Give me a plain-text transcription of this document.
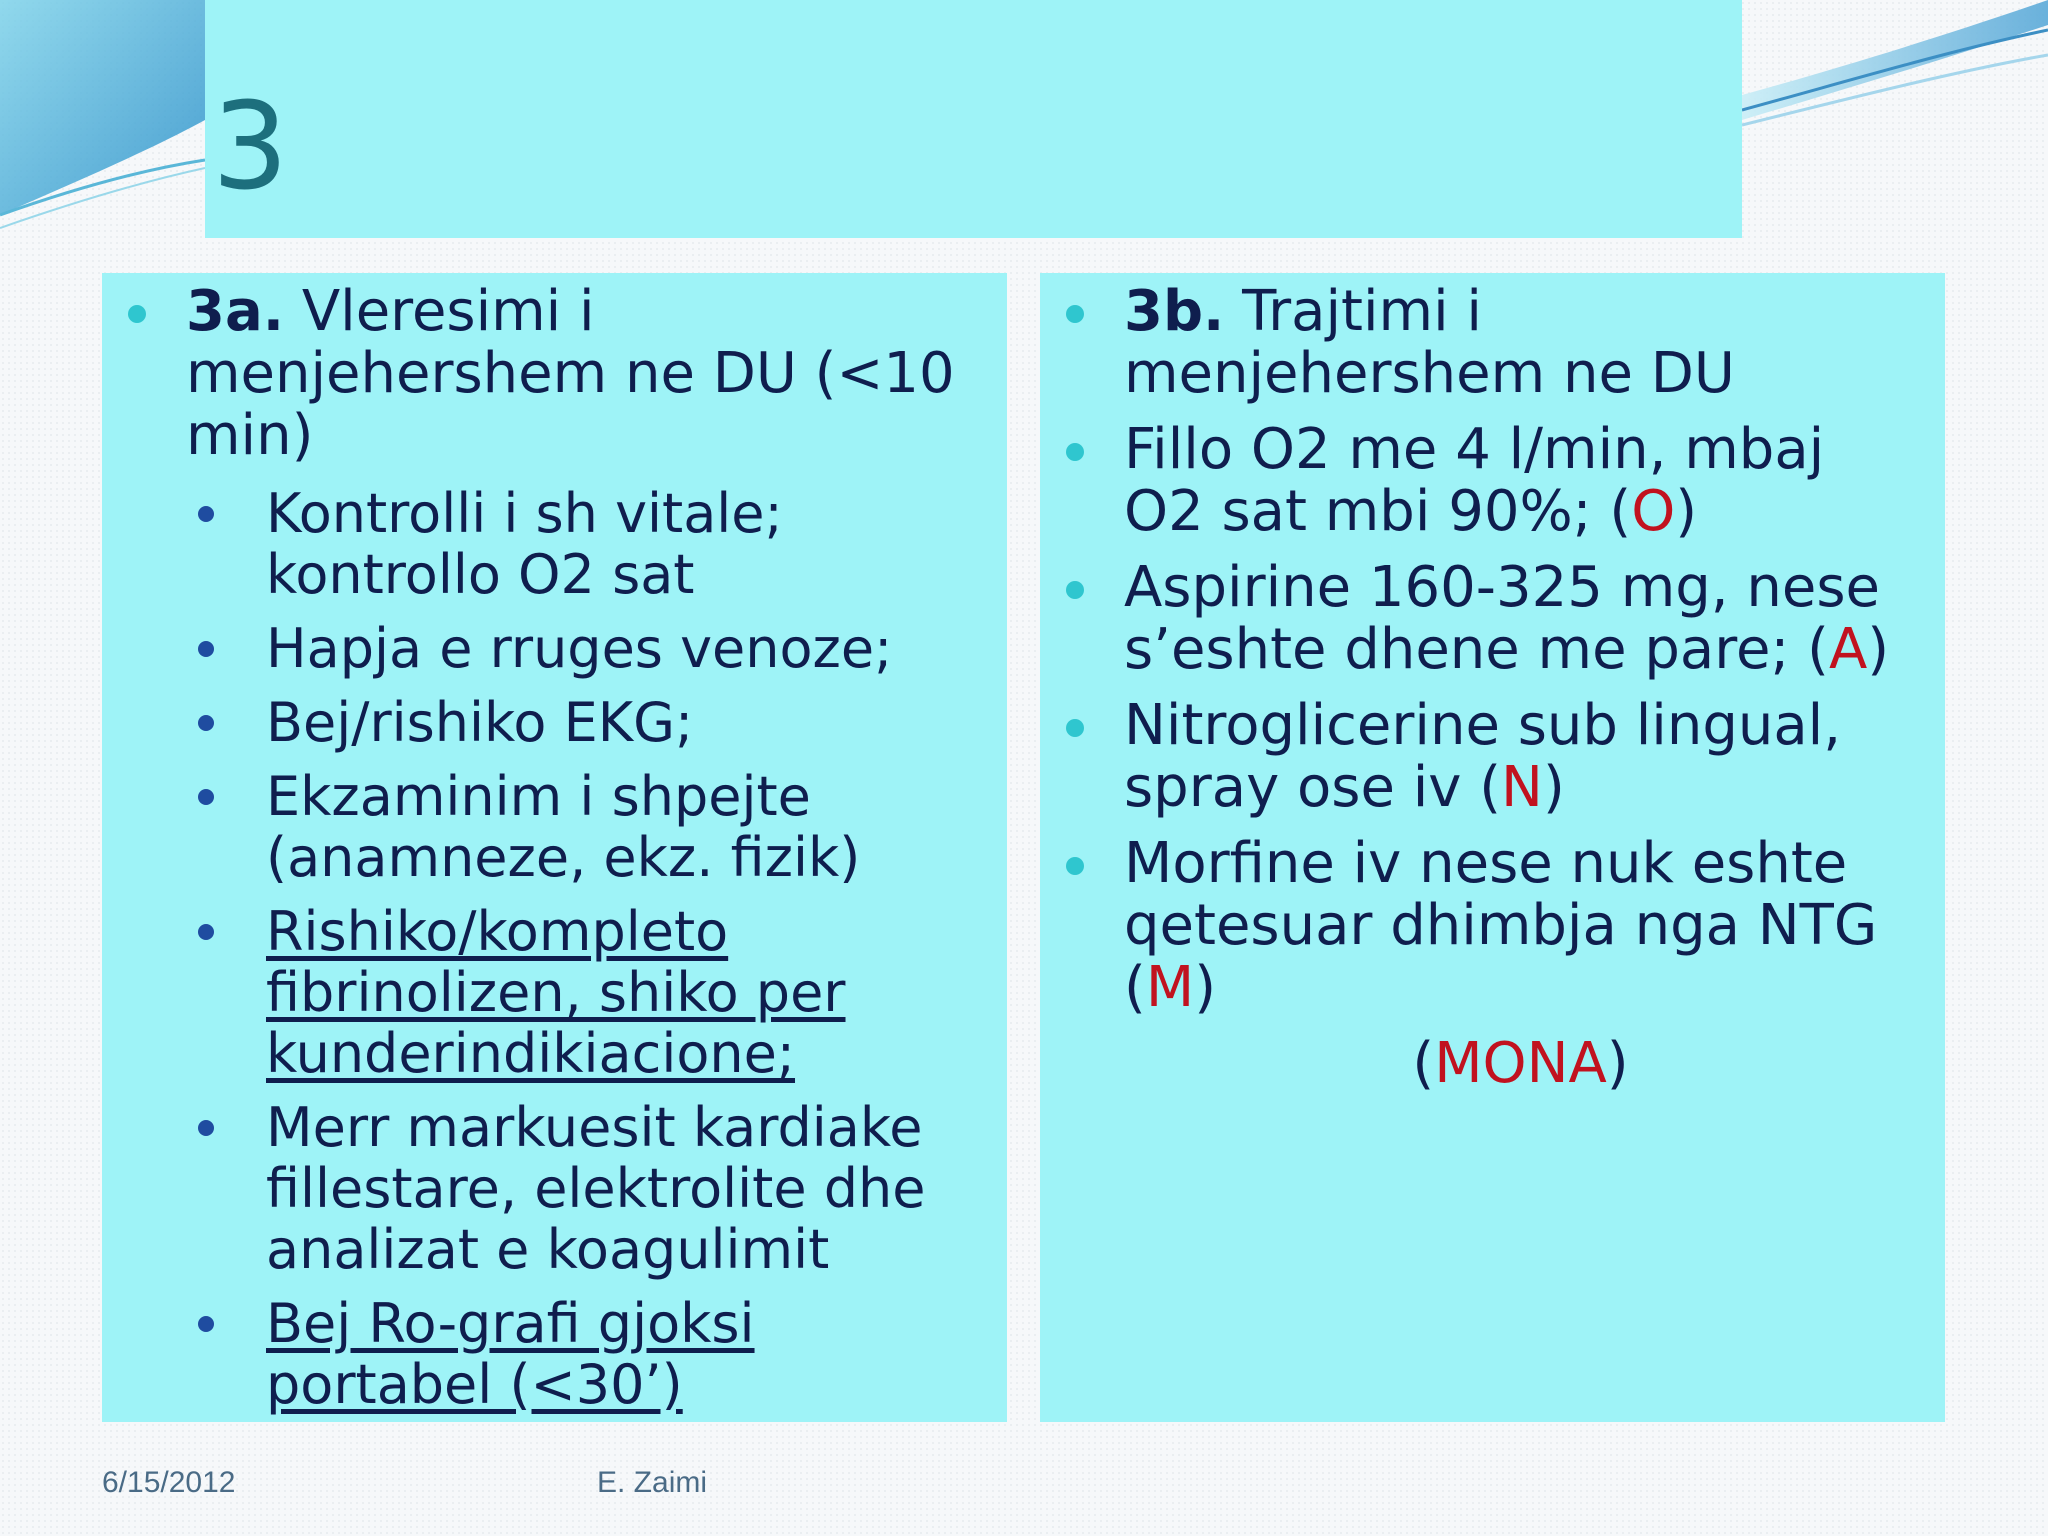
3
3a. Vleresimi i menjehershem ne DU (<10 min)
Kontrolli i sh vitale; kontrollo O2 sat
Hapja e rruges venoze;
Bej/rishiko EKG;
Ekzaminim i shpejte (anamneze, ekz. fizik)
Rishiko/kompleto fibrinolizen, shiko per kunderindikiacione;
Merr markuesit kardiake fillestare, elektrolite dhe analizat e koagulimit
Bej Ro-grafi gjoksi portabel (<30’)
3b. Trajtimi i menjehershem ne DU
Fillo O2 me 4 l/min, mbaj O2 sat mbi 90%; (O)
Aspirine 160-325 mg, nese s’eshte dhene me pare; (A)
Nitroglicerine sub lingual, spray ose iv (N)
Morfine iv nese nuk eshte qetesuar dhimbja nga NTG (M)
(MONA)
6/15/2012	E. Zaimi
